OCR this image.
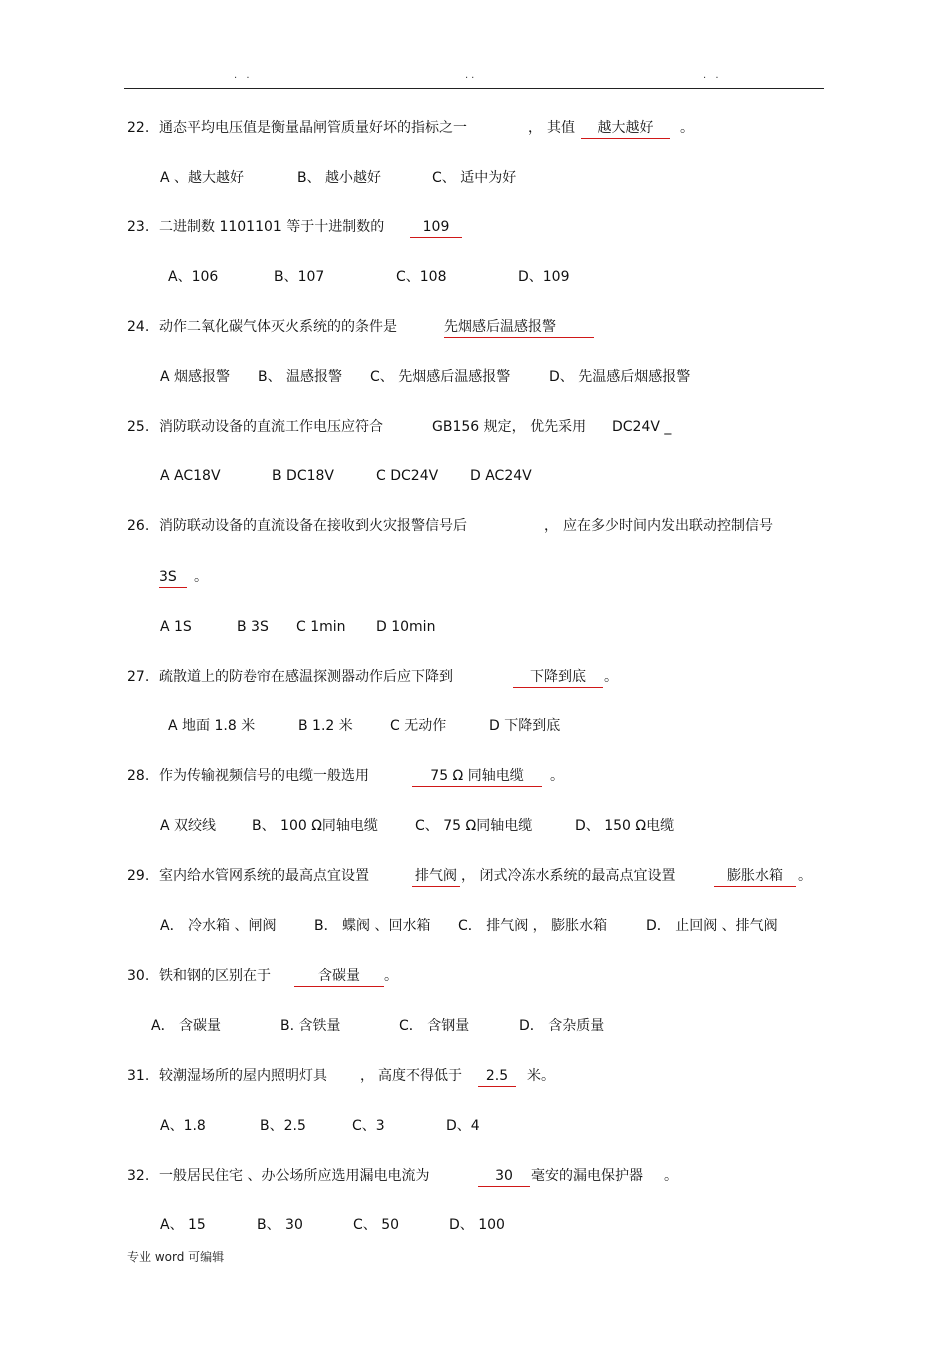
. .	..	. .
22. 通态平均电压值是衡量晶闸管质量好坏的指标之一	， 其值	越大越好	。
A 、越大越好	B、 越小越好	C、 适中为好
23. 二进制数 1101101 等于十进制数的	109
A、106	B、107	C、108	D、109
24. 动作二氧化碳气体灭火系统的的条件是	先烟感后温感报警
A 烟感报警 B、 温感报警 C、 先烟感后温感报警	D、 先温感后烟感报警
25. 消防联动设备的直流工作电压应符合	GB156 规定， 优先采用 DC24V _
A AC18V	B DC18V	C DC24V D AC24V
26. 消防联动设备的直流设备在接收到火灾报警信号后	， 应在多少时间内发出联动控制信号
3S	。
A 1S	B 3S C 1min D 10min
27. 疏散道上的防卷帘在感温探测器动作后应下降到	下降到底	。
A 地面 1.8 米	B 1.2 米	C 无动作	D 下降到底
28. 作为传输视频信号的电缆一般选用	75 Ω 同轴电缆	。
A 双绞线	B、 100 Ω同轴电缆	C、 75 Ω同轴电缆	D、 150 Ω电缆
29. 室内给水管网系统的最高点宜设置	排气阀 ， 闭式冷冻水系统的最高点宜设置	膨胀水箱	。
A． 冷水箱 、闸阀	B． 蝶阀 、回水箱 C． 排气阀 ， 膨胀水箱	D． 止回阀 、排气阀
30. 铁和钢的区别在于	含碳量	。
A． 含碳量	B. 含铁量	C． 含钢量	D． 含杂质量
31. 较潮湿场所的屋内照明灯具 ， 高度不得低于	2.5	米。
A、1.8	B、2.5	C、3	D、4
32. 一般居民住宅 、办公场所应选用漏电电流为	30	毫安的漏电保护器 。
A、 15	B、 30	C、 50	D、 100
专业 word 可编辑
